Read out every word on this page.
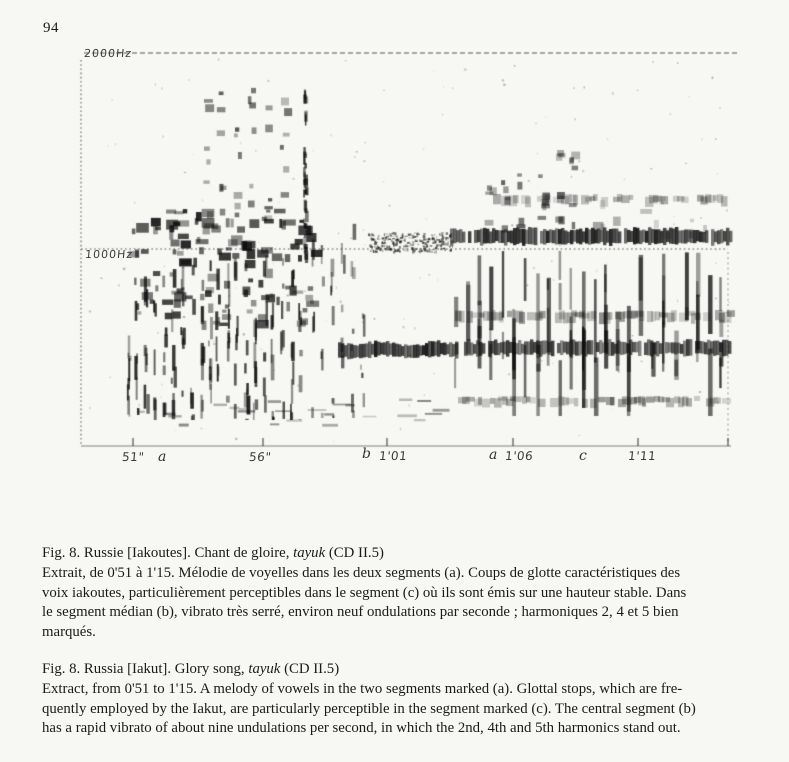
94
2000Hz
1000Hz
51" a	56"	b 1'01	a 1'06	c	1'11
Fig. 8. Russie [Iakoutes]. Chant de gloire, tayuk (CD II.5)
Extrait, de 0'51 à 1'15. Mélodie de voyelles dans les deux segments (a). Coups de glotte caractéristiques des
voix iakoutes, particulièrement perceptibles dans le segment (c) où ils sont émis sur une hauteur stable. Dans
le segment médian (b), vibrato très serré, environ neuf ondulations par seconde ; harmoniques 2, 4 et 5 bien
marqués.
Fig. 8. Russia [Iakut]. Glory song, tayuk (CD II.5)
Extract, from 0'51 to 1'15. A melody of vowels in the two segments marked (a). Glottal stops, which are fre-
quently employed by the Iakut, are particularly perceptible in the segment marked (c). The central segment (b)
has a rapid vibrato of about nine undulations per second, in which the 2nd, 4th and 5th harmonics stand out.
